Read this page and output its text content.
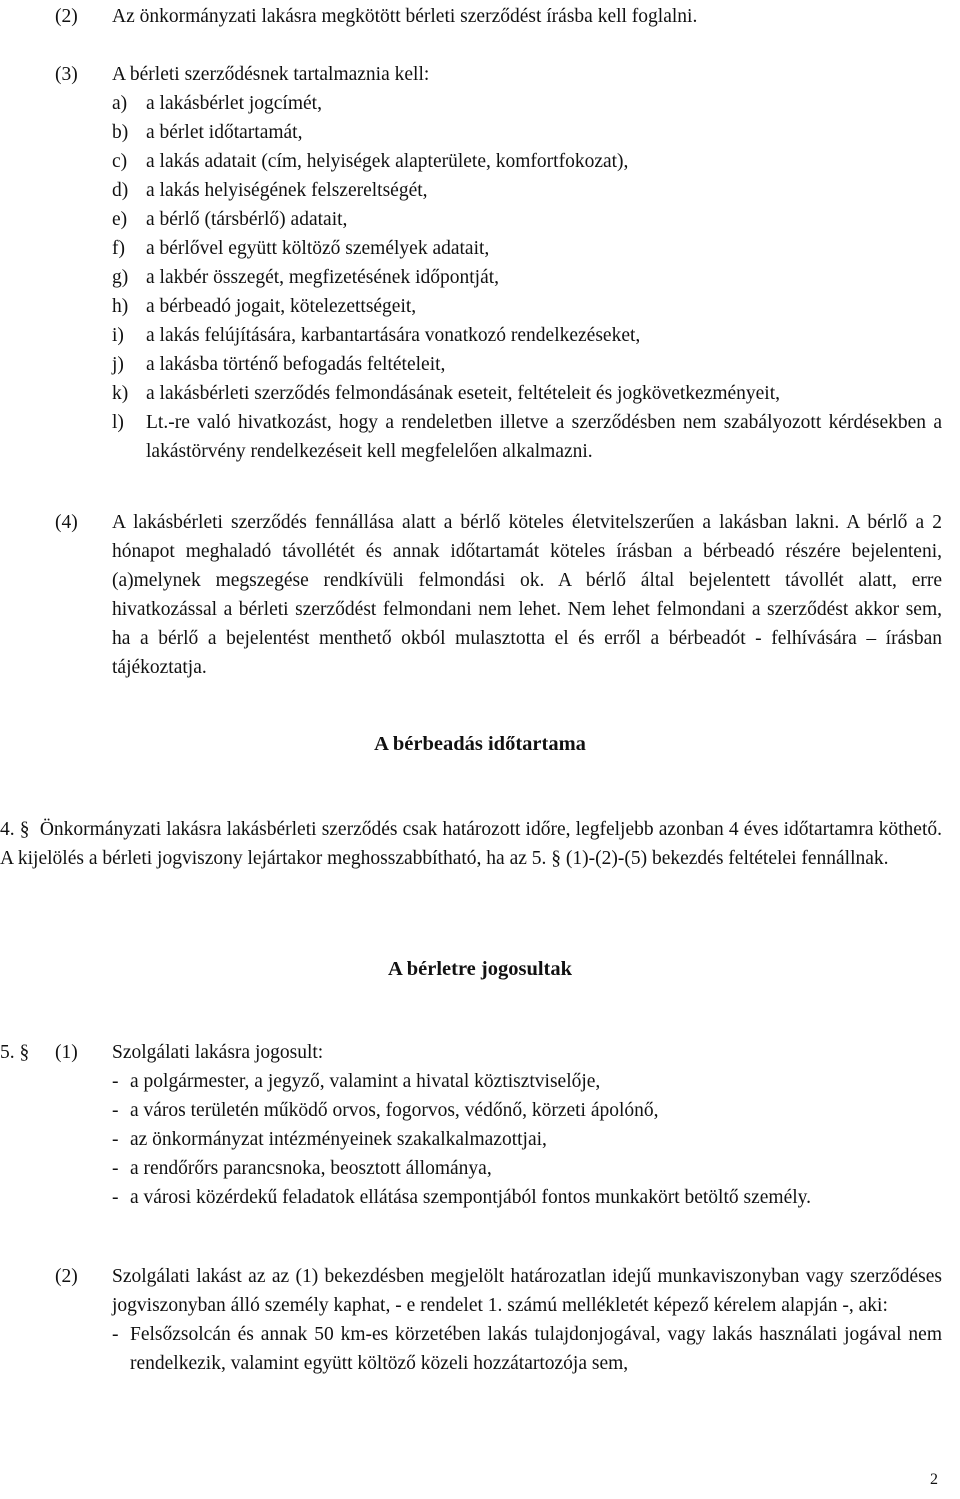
(2)	Az önkormányzati lakásra megkötött bérleti szerződést írásba kell foglalni.
(3)	A bérleti szerződésnek tartalmaznia kell:
a) a lakásbérlet jogcímét,
b) a bérlet időtartamát,
c) a lakás adatait (cím, helyiségek alapterülete, komfortfokozat),
d) a lakás helyiségének felszereltségét,
e) a bérlő (társbérlő) adatait,
f)	a bérlővel együtt költöző személyek adatait,
g) a lakbér összegét, megfizetésének időpontját,
h) a bérbeadó jogait, kötelezettségeit,
i)	a lakás felújítására, karbantartására vonatkozó rendelkezéseket,
j)	a lakásba történő befogadás feltételeit,
k) a lakásbérleti szerződés felmondásának eseteit, feltételeit és jogkövetkezményeit,
l)	Lt.-re való hivatkozást, hogy a rendeletben illetve a szerződésben nem szabályozott kérdésekben a lakástörvény rendelkezéseit kell megfelelően alkalmazni.
(4)	A lakásbérleti szerződés fennállása alatt a bérlő köteles életvitelszerűen a lakásban lakni. A bérlő a 2 hónapot meghaladó távollétét és annak időtartamát köteles írásban a bérbeadó részére bejelenteni, (a)melynek megszegése rendkívüli felmondási ok. A bérlő által bejelentett távollét alatt, erre hivatkozással a bérleti szerződést felmondani nem lehet. Nem lehet felmondani a szerződést akkor sem, ha a bérlő a bejelentést menthető okból mulasztotta el és erről a bérbeadót - felhívására – írásban tájékoztatja.
A bérbeadás időtartama
4. § Önkormányzati lakásra lakásbérleti szerződés csak határozott időre, legfeljebb azonban 4 éves időtartamra köthető. A kijelölés a bérleti jogviszony lejártakor meghosszabbítható, ha az 5. § (1)-(2)-(5) bekezdés feltételei fennállnak.
A bérletre jogosultak
5. § (1) Szolgálati lakásra jogosult:
- a polgármester, a jegyző, valamint a hivatal köztisztviselője,
- a város területén működő orvos, fogorvos, védőnő, körzeti ápolónő,
- az önkormányzat intézményeinek szakalkalmazottjai,
- a rendőrőrs parancsnoka, beosztott állománya,
- a városi közérdekű feladatok ellátása szempontjából fontos munkakört betöltő személy.
(2)	Szolgálati lakást az az (1) bekezdésben megjelölt határozatlan idejű munkaviszonyban vagy szerződéses jogviszonyban álló személy kaphat, - e rendelet 1. számú mellékletét képező kérelem alapján -, aki:
- Felsőzsolcán és annak 50 km-es körzetében lakás tulajdonjogával, vagy lakás használati jogával nem rendelkezik, valamint együtt költöző közeli hozzátartozója sem,
2
